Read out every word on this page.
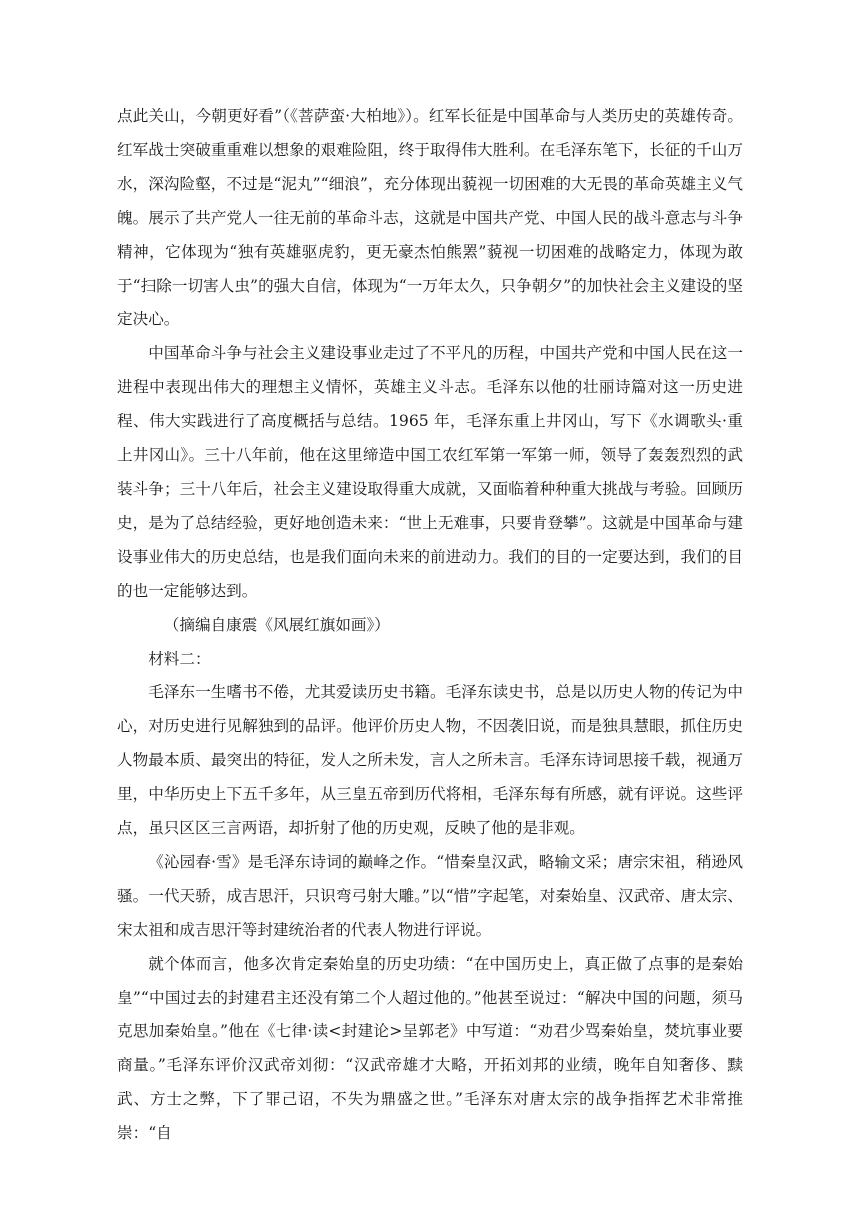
点此关山，今朝更好看”（《菩萨蛮·大柏地》）。红军长征是中国革命与人类历史的英雄传奇。红军战士突破重重难以想象的艰难险阻，终于取得伟大胜利。在毛泽东笔下，长征的千山万水，深沟险壑，不过是“泥丸”“细浪”，充分体现出藐视一切困难的大无畏的革命英雄主义气魄。展示了共产党人一往无前的革命斗志，这就是中国共产党、中国人民的战斗意志与斗争精神，它体现为“独有英雄驱虎豹，更无豪杰怕熊罴”藐视一切困难的战略定力，体现为敢于“扫除一切害人虫”的强大自信，体现为“一万年太久，只争朝夕”的加快社会主义建设的坚定决心。

中国革命斗争与社会主义建设事业走过了不平凡的历程，中国共产党和中国人民在这一进程中表现出伟大的理想主义情怀，英雄主义斗志。毛泽东以他的壮丽诗篇对这一历史进程、伟大实践进行了高度概括与总结。1965 年，毛泽东重上井冈山，写下《水调歌头·重上井冈山》。三十八年前，他在这里缔造中国工农红军第一军第一师，领导了轰轰烈烈的武装斗争；三十八年后，社会主义建设取得重大成就，又面临着种种重大挑战与考验。回顾历史，是为了总结经验，更好地创造未来：“世上无难事，只要肯登攀”。这就是中国革命与建设事业伟大的历史总结，也是我们面向未来的前进动力。我们的目的一定要达到，我们的目的也一定能够达到。

（摘编自康震《风展红旗如画》）

材料二：

毛泽东一生嗜书不倦，尤其爱读历史书籍。毛泽东读史书，总是以历史人物的传记为中心，对历史进行见解独到的品评。他评价历史人物，不因袭旧说，而是独具慧眼，抓住历史人物最本质、最突出的特征，发人之所未发，言人之所未言。毛泽东诗词思接千载，视通万里，中华历史上下五千多年，从三皇五帝到历代将相，毛泽东每有所感，就有评说。这些评点，虽只区区三言两语，却折射了他的历史观，反映了他的是非观。

《沁园春·雪》是毛泽东诗词的巅峰之作。“惜秦皇汉武，略输文采；唐宗宋祖，稍逊风骚。一代天骄，成吉思汗，只识弯弓射大雕。”以“惜”字起笔，对秦始皇、汉武帝、唐太宗、宋太祖和成吉思汗等封建统治者的代表人物进行评说。

就个体而言，他多次肯定秦始皇的历史功绩：“在中国历史上，真正做了点事的是秦始皇”“中国过去的封建君主还没有第二个人超过他的。”他甚至说过：“解决中国的问题，须马克思加秦始皇。”他在《七律·读<封建论>呈郭老》中写道：“劝君少骂秦始皇，焚坑事业要商量。”毛泽东评价汉武帝刘彻：“汉武帝雄才大略，开拓刘邦的业绩，晚年自知奢侈、黩武、方士之弊，下了罪己诏，不失为鼎盛之世。”毛泽东对唐太宗的战争指挥艺术非常推崇：“自
